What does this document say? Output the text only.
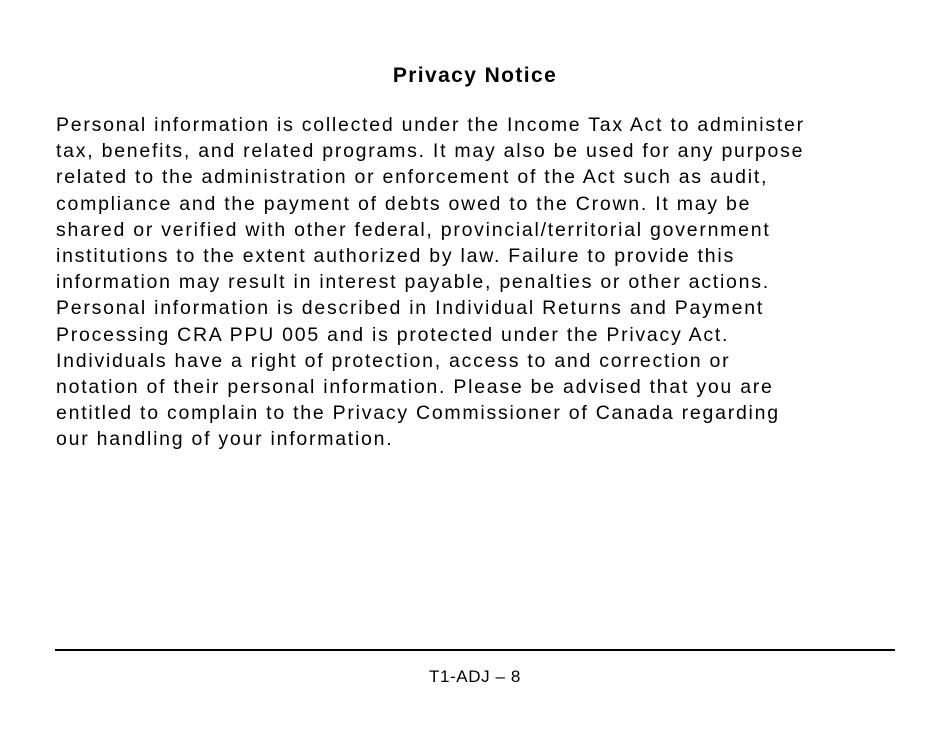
Privacy Notice

Personal information is collected under the Income Tax Act to administer
tax, benefits, and related programs. It may also be used for any purpose
related to the administration or enforcement of the Act such as audit,
compliance and the payment of debts owed to the Crown. It may be
shared or verified with other federal, provincial/territorial government
institutions to the extent authorized by law. Failure to provide this
information may result in interest payable, penalties or other actions.
Personal information is described in Individual Returns and Payment
Processing CRA PPU 005 and is protected under the Privacy Act.
Individuals have a right of protection, access to and correction or
notation of their personal information. Please be advised that you are
entitled to complain to the Privacy Commissioner of Canada regarding
our handling of your information.

T1-ADJ – 8
